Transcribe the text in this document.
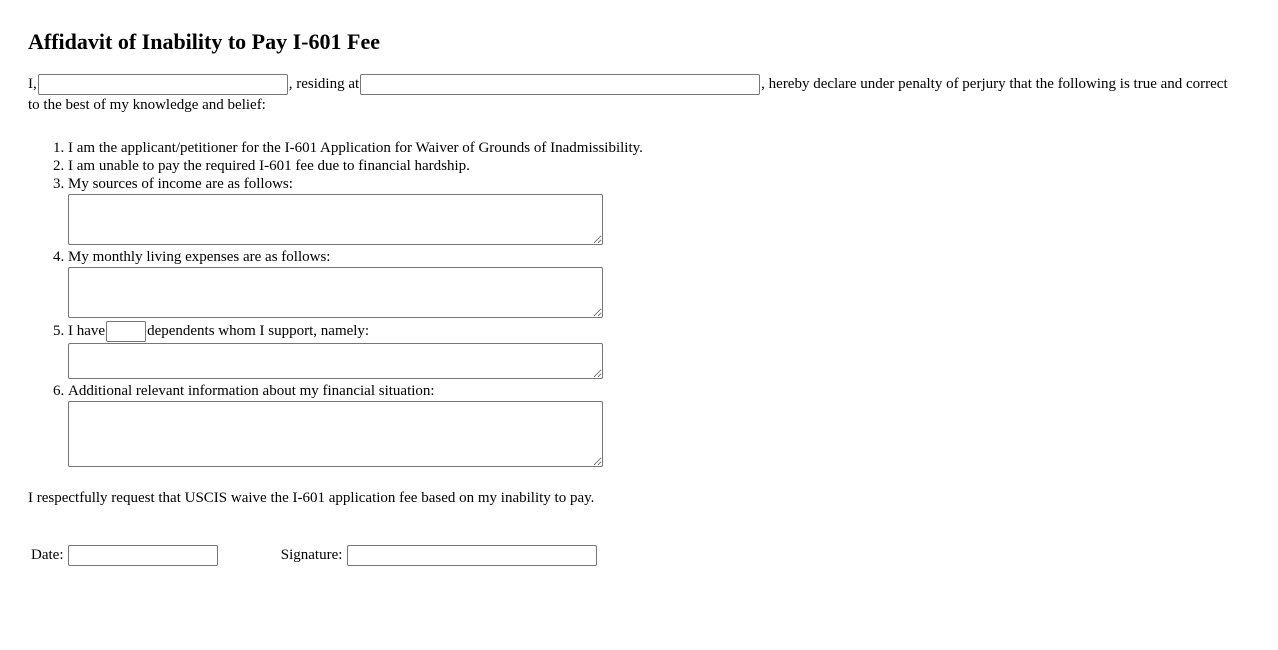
Affidavit of Inability to Pay I-601 Fee
I,	, residing at	, hereby declare under penalty of perjury that the following is true and correct to the best of my knowledge and belief:
1. I am the applicant/petitioner for the I-601 Application for Waiver of Grounds of Inadmissibility.
2. I am unable to pay the required I-601 fee due to financial hardship.
3. My sources of income are as follows:
4. My monthly living expenses are as follows:
5. I have	dependents whom I support, namely:
6. Additional relevant information about my financial situation:
I respectfully request that USCIS waive the I-601 application fee based on my inability to pay.
Date:	Signature:
